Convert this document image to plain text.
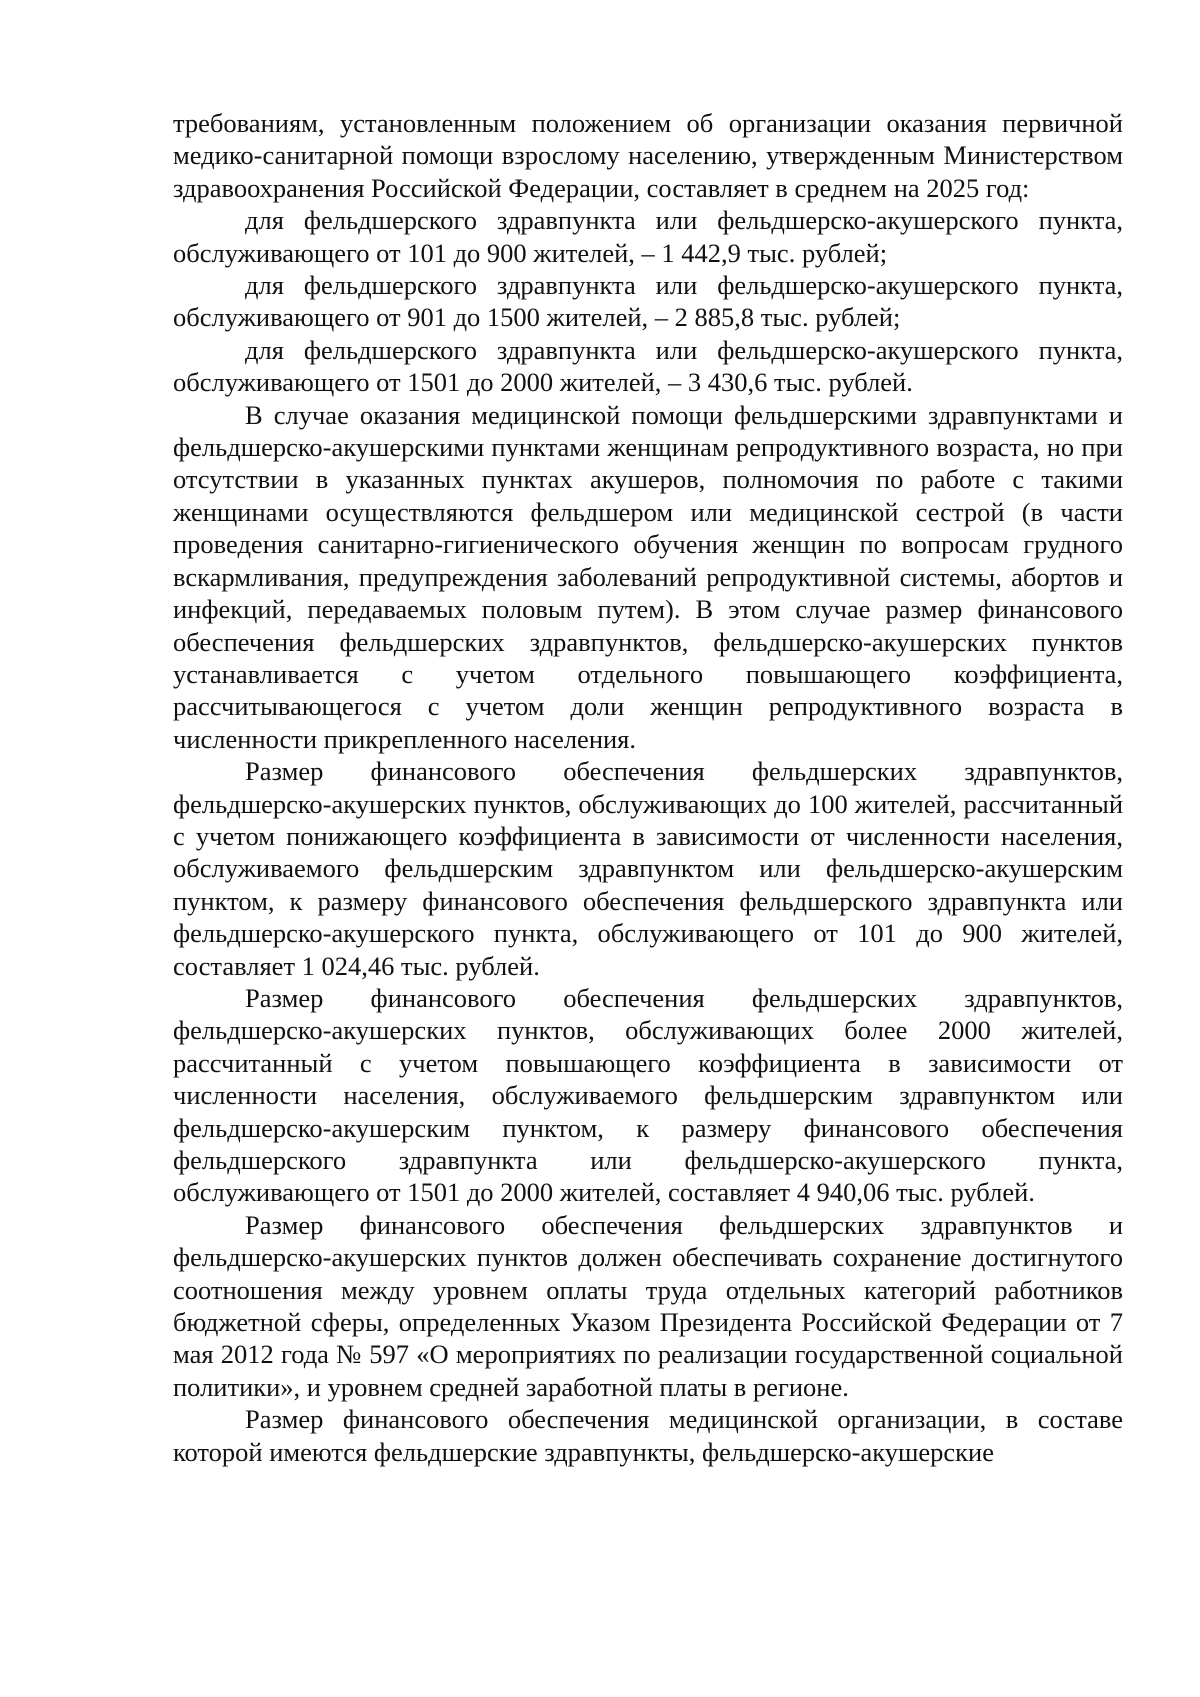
требованиям, установленным положением об организации оказания первичной медико-санитарной помощи взрослому населению, утвержденным Министерством здравоохранения Российской Федерации, составляет в среднем на 2025 год:

для фельдшерского здравпункта или фельдшерско-акушерского пункта, обслуживающего от 101 до 900 жителей, – 1 442,9 тыс. рублей;

для фельдшерского здравпункта или фельдшерско-акушерского пункта, обслуживающего от 901 до 1500 жителей, – 2 885,8 тыс. рублей;

для фельдшерского здравпункта или фельдшерско-акушерского пункта, обслуживающего от 1501 до 2000 жителей, – 3 430,6 тыс. рублей.

В случае оказания медицинской помощи фельдшерскими здравпунктами и фельдшерско-акушерскими пунктами женщинам репродуктивного возраста, но при отсутствии в указанных пунктах акушеров, полномочия по работе с такими женщинами осуществляются фельдшером или медицинской сестрой (в части проведения санитарно-гигиенического обучения женщин по вопросам грудного вскармливания, предупреждения заболеваний репродуктивной системы, абортов и инфекций, передаваемых половым путем). В этом случае размер финансового обеспечения фельдшерских здравпунктов, фельдшерско-акушерских пунктов устанавливается с учетом отдельного повышающего коэффициента, рассчитывающегося с учетом доли женщин репродуктивного возраста в численности прикрепленного населения.

Размер финансового обеспечения фельдшерских здравпунктов, фельдшерско-акушерских пунктов, обслуживающих до 100 жителей, рассчитанный с учетом понижающего коэффициента в зависимости от численности населения, обслуживаемого фельдшерским здравпунктом или фельдшерско-акушерским пунктом, к размеру финансового обеспечения фельдшерского здравпункта или фельдшерско-акушерского пункта, обслуживающего от 101 до 900 жителей, составляет 1 024,46 тыс. рублей.

Размер финансового обеспечения фельдшерских здравпунктов, фельдшерско-акушерских пунктов, обслуживающих более 2000 жителей, рассчитанный с учетом повышающего коэффициента в зависимости от численности населения, обслуживаемого фельдшерским здравпунктом или фельдшерско-акушерским пунктом, к размеру финансового обеспечения фельдшерского здравпункта или фельдшерско-акушерского пункта, обслуживающего от 1501 до 2000 жителей, составляет 4 940,06 тыс. рублей.

Размер финансового обеспечения фельдшерских здравпунктов и фельдшерско-акушерских пунктов должен обеспечивать сохранение достигнутого соотношения между уровнем оплаты труда отдельных категорий работников бюджетной сферы, определенных Указом Президента Российской Федерации от 7 мая 2012 года № 597 «О мероприятиях по реализации государственной социальной политики», и уровнем средней заработной платы в регионе.

Размер финансового обеспечения медицинской организации, в составе которой имеются фельдшерские здравпункты, фельдшерско-акушерские
